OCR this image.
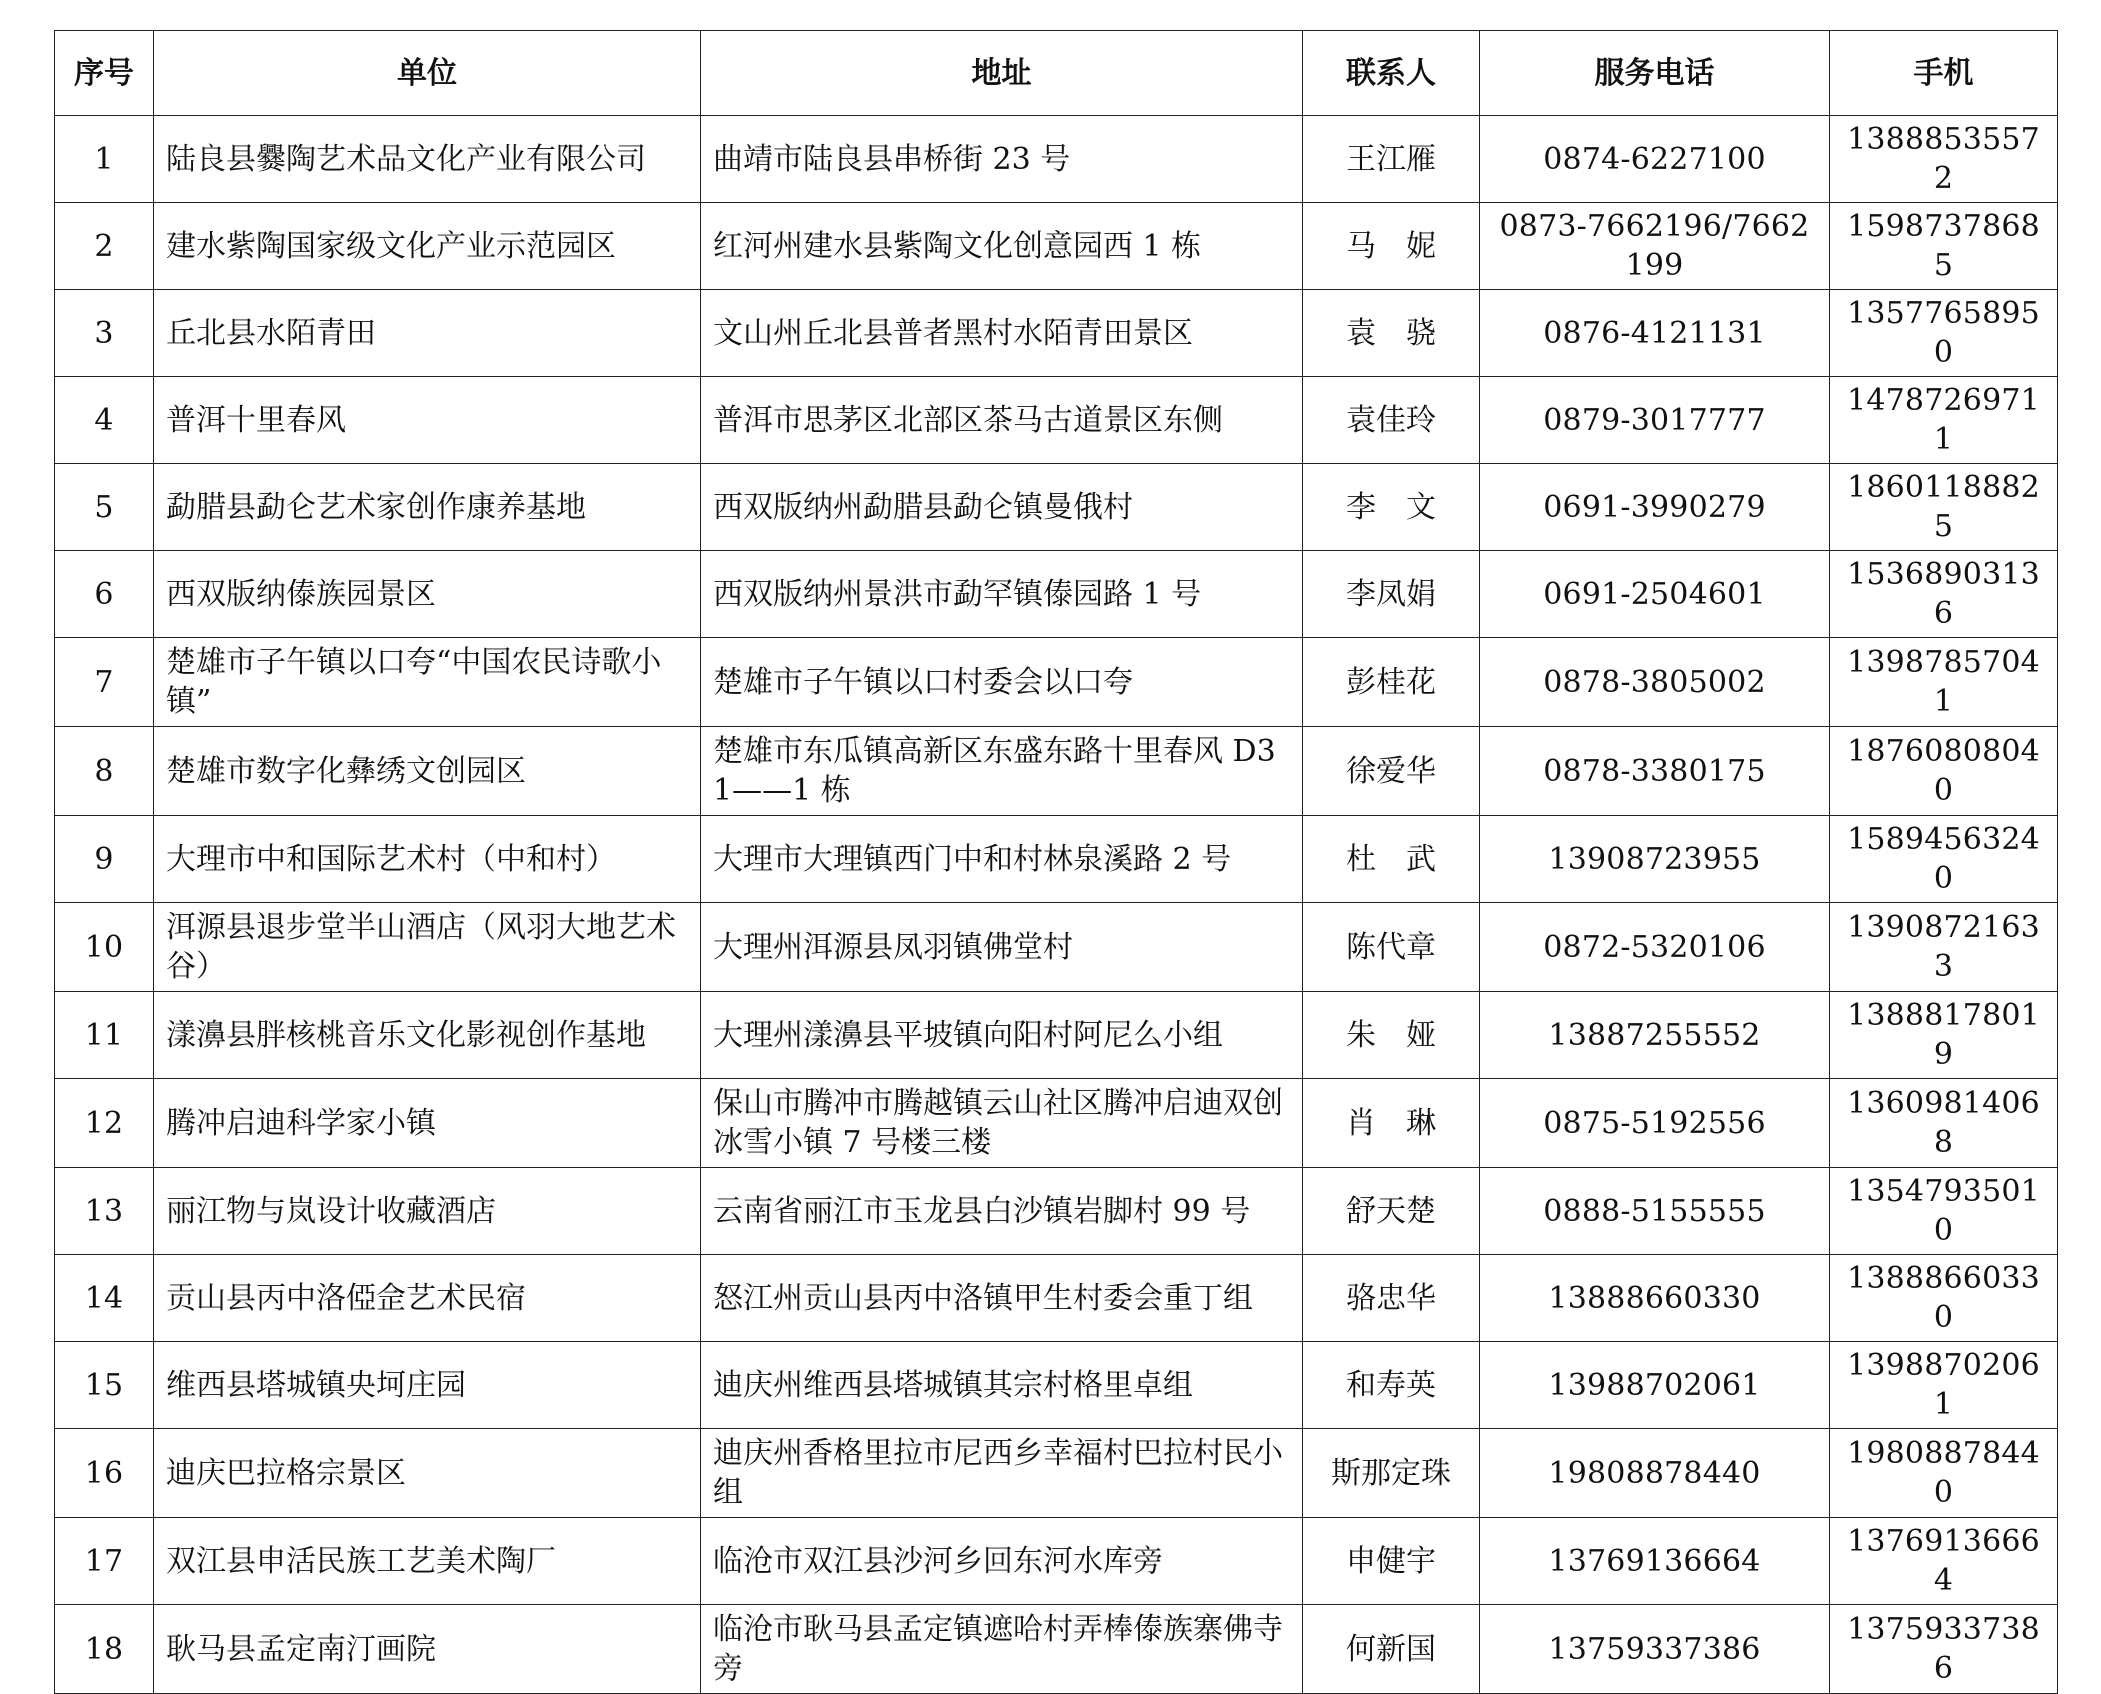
序号	单位	地址	联系人	服务电话	手机
1	陆良县爨陶艺术品文化产业有限公司	曲靖市陆良县串桥街 23 号	王江雁	0874-6227100	13888535572
2	建水紫陶国家级文化产业示范园区	红河州建水县紫陶文化创意园西 1 栋	马　妮	0873-7662196/7662199	15987378685
3	丘北县水陌青田	文山州丘北县普者黑村水陌青田景区	袁　骁	0876-4121131	13577658950
4	普洱十里春风	普洱市思茅区北部区茶马古道景区东侧	袁佳玲	0879-3017777	14787269711
5	勐腊县勐仑艺术家创作康养基地	西双版纳州勐腊县勐仑镇曼俄村	李　文	0691-3990279	18601188825
6	西双版纳傣族园景区	西双版纳州景洪市勐罕镇傣园路 1 号	李凤娟	0691-2504601	15368903136
7	楚雄市子午镇以口夸“中国农民诗歌小镇”	楚雄市子午镇以口村委会以口夸	彭桂花	0878-3805002	13987857041
8	楚雄市数字化彝绣文创园区	楚雄市东瓜镇高新区东盛东路十里春风 D31——1 栋	徐爱华	0878-3380175	18760808040
9	大理市中和国际艺术村（中和村）	大理市大理镇西门中和村林泉溪路 2 号	杜　武	13908723955	15894563240
10	洱源县退步堂半山酒店（风羽大地艺术谷）	大理州洱源县凤羽镇佛堂村	陈代章	0872-5320106	13908721633
11	漾濞县胖核桃音乐文化影视创作基地	大理州漾濞县平坡镇向阳村阿尼么小组	朱　娅	13887255552	13888178019
12	腾冲启迪科学家小镇	保山市腾冲市腾越镇云山社区腾冲启迪双创冰雪小镇 7 号楼三楼	肖　琳	0875-5192556	13609814068
13	丽江物与岚设计收藏酒店	云南省丽江市玉龙县白沙镇岩脚村 99 号	舒天楚	0888-5155555	13547935010
14	贡山县丙中洛俹佱艺术民宿	怒江州贡山县丙中洛镇甲生村委会重丁组	骆忠华	13888660330	13888660330
15	维西县塔城镇央坷庄园	迪庆州维西县塔城镇其宗村格里卓组	和寿英	13988702061	13988702061
16	迪庆巴拉格宗景区	迪庆州香格里拉市尼西乡幸福村巴拉村民小组	斯那定珠	19808878440	19808878440
17	双江县申活民族工艺美术陶厂	临沧市双江县沙河乡回东河水库旁	申健宇	13769136664	13769136664
18	耿马县孟定南汀画院	临沧市耿马县孟定镇遮哈村弄棒傣族寨佛寺旁	何新国	13759337386	13759337386
